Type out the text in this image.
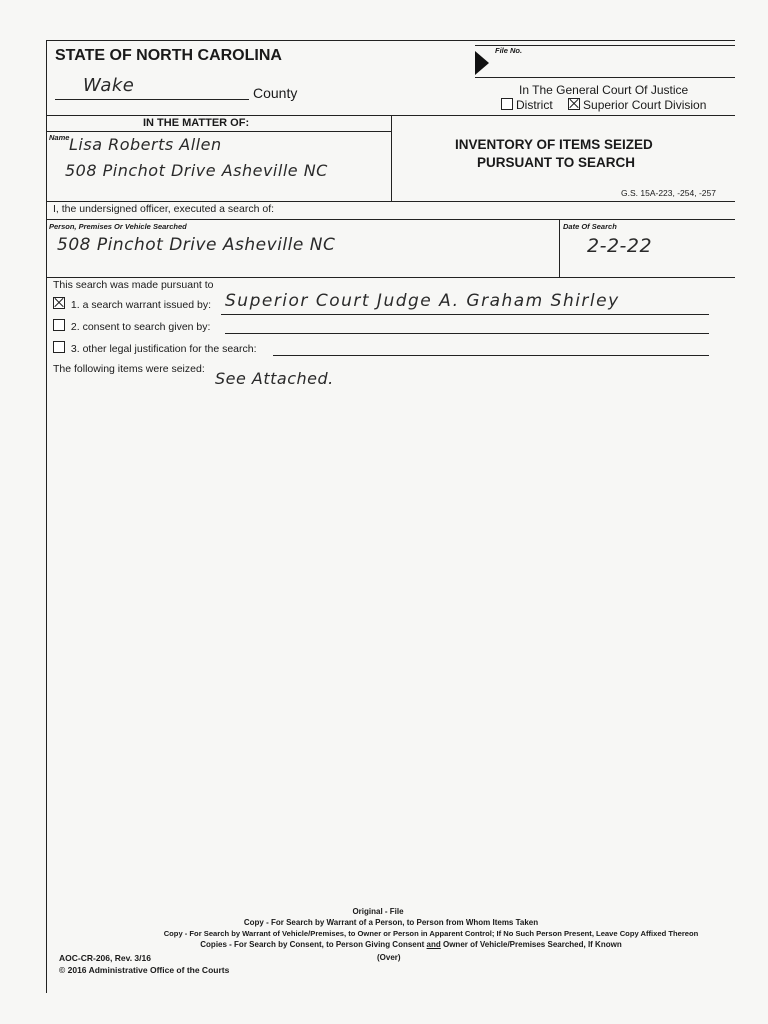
STATE OF NORTH CAROLINA	File No.
Wake	County	In The General Court Of Justice
District	Superior Court Division
IN THE MATTER OF:
Name Lisa Roberts Allen
508 Pinchot Drive Asheville NC
INVENTORY OF ITEMS SEIZED
PURSUANT TO SEARCH
G.S. 15A-223, -254, -257
I, the undersigned officer, executed a search of:
Person, Premises Or Vehicle Searched
508 Pinchot Drive Asheville NC
Date Of Search
2-2-22
This search was made pursuant to
1. a search warrant issued by: Superior Court Judge A. Graham Shirley
2. consent to search given by:
3. other legal justification for the search:
The following items were seized: See Attached.
Original - File
Copy - For Search by Warrant of a Person, to Person from Whom Items Taken
Copy - For Search by Warrant of Vehicle/Premises, to Owner or Person in Apparent Control; If No Such Person Present, Leave Copy Affixed Thereon
Copies - For Search by Consent, to Person Giving Consent and Owner of Vehicle/Premises Searched, If Known
AOC-CR-206, Rev. 3/16	(Over)
© 2016 Administrative Office of the Courts
